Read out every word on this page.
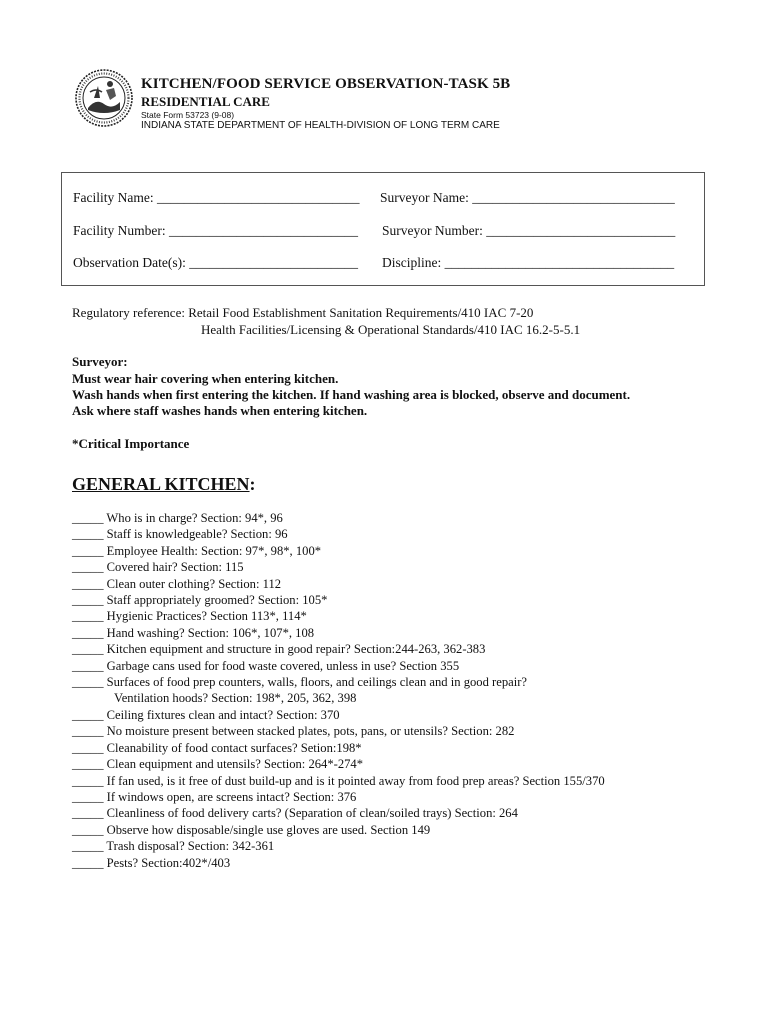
KITCHEN/FOOD SERVICE OBSERVATION-TASK 5B
RESIDENTIAL CARE
State Form 53723 (9-08)
INDIANA STATE DEPARTMENT OF HEALTH-DIVISION OF LONG TERM CARE
Facility Name: ______________________________ Surveyor Name: ______________________________
Facility Number: ____________________________ Surveyor Number: ____________________________
Observation Date(s): _________________________ Discipline: __________________________________
Regulatory reference: Retail Food Establishment Sanitation Requirements/410 IAC 7-20
Health Facilities/Licensing & Operational Standards/410 IAC 16.2-5-5.1
Surveyor:
Must wear hair covering when entering kitchen.
Wash hands when first entering the kitchen. If hand washing area is blocked, observe and document.
Ask where staff washes hands when entering kitchen.
*Critical Importance
GENERAL KITCHEN:
_____ Who is in charge? Section: 94*, 96
_____ Staff is knowledgeable? Section: 96
_____ Employee Health: Section: 97*, 98*, 100*
_____ Covered hair? Section: 115
_____ Clean outer clothing? Section: 112
_____ Staff appropriately groomed? Section: 105*
_____ Hygienic Practices? Section 113*, 114*
_____ Hand washing? Section: 106*, 107*, 108
_____ Kitchen equipment and structure in good repair? Section:244-263, 362-383
_____ Garbage cans used for food waste covered, unless in use? Section 355
_____ Surfaces of food prep counters, walls, floors, and ceilings clean and in good repair?
Ventilation hoods? Section: 198*, 205, 362, 398
_____ Ceiling fixtures clean and intact? Section: 370
_____ No moisture present between stacked plates, pots, pans, or utensils? Section: 282
_____ Cleanability of food contact surfaces? Setion:198*
_____ Clean equipment and utensils? Section: 264*-274*
_____ If fan used, is it free of dust build-up and is it pointed away from food prep areas? Section 155/370
_____ If windows open, are screens intact? Section: 376
_____ Cleanliness of food delivery carts? (Separation of clean/soiled trays) Section: 264
_____ Observe how disposable/single use gloves are used. Section 149
_____ Trash disposal? Section: 342-361
_____ Pests? Section:402*/403
